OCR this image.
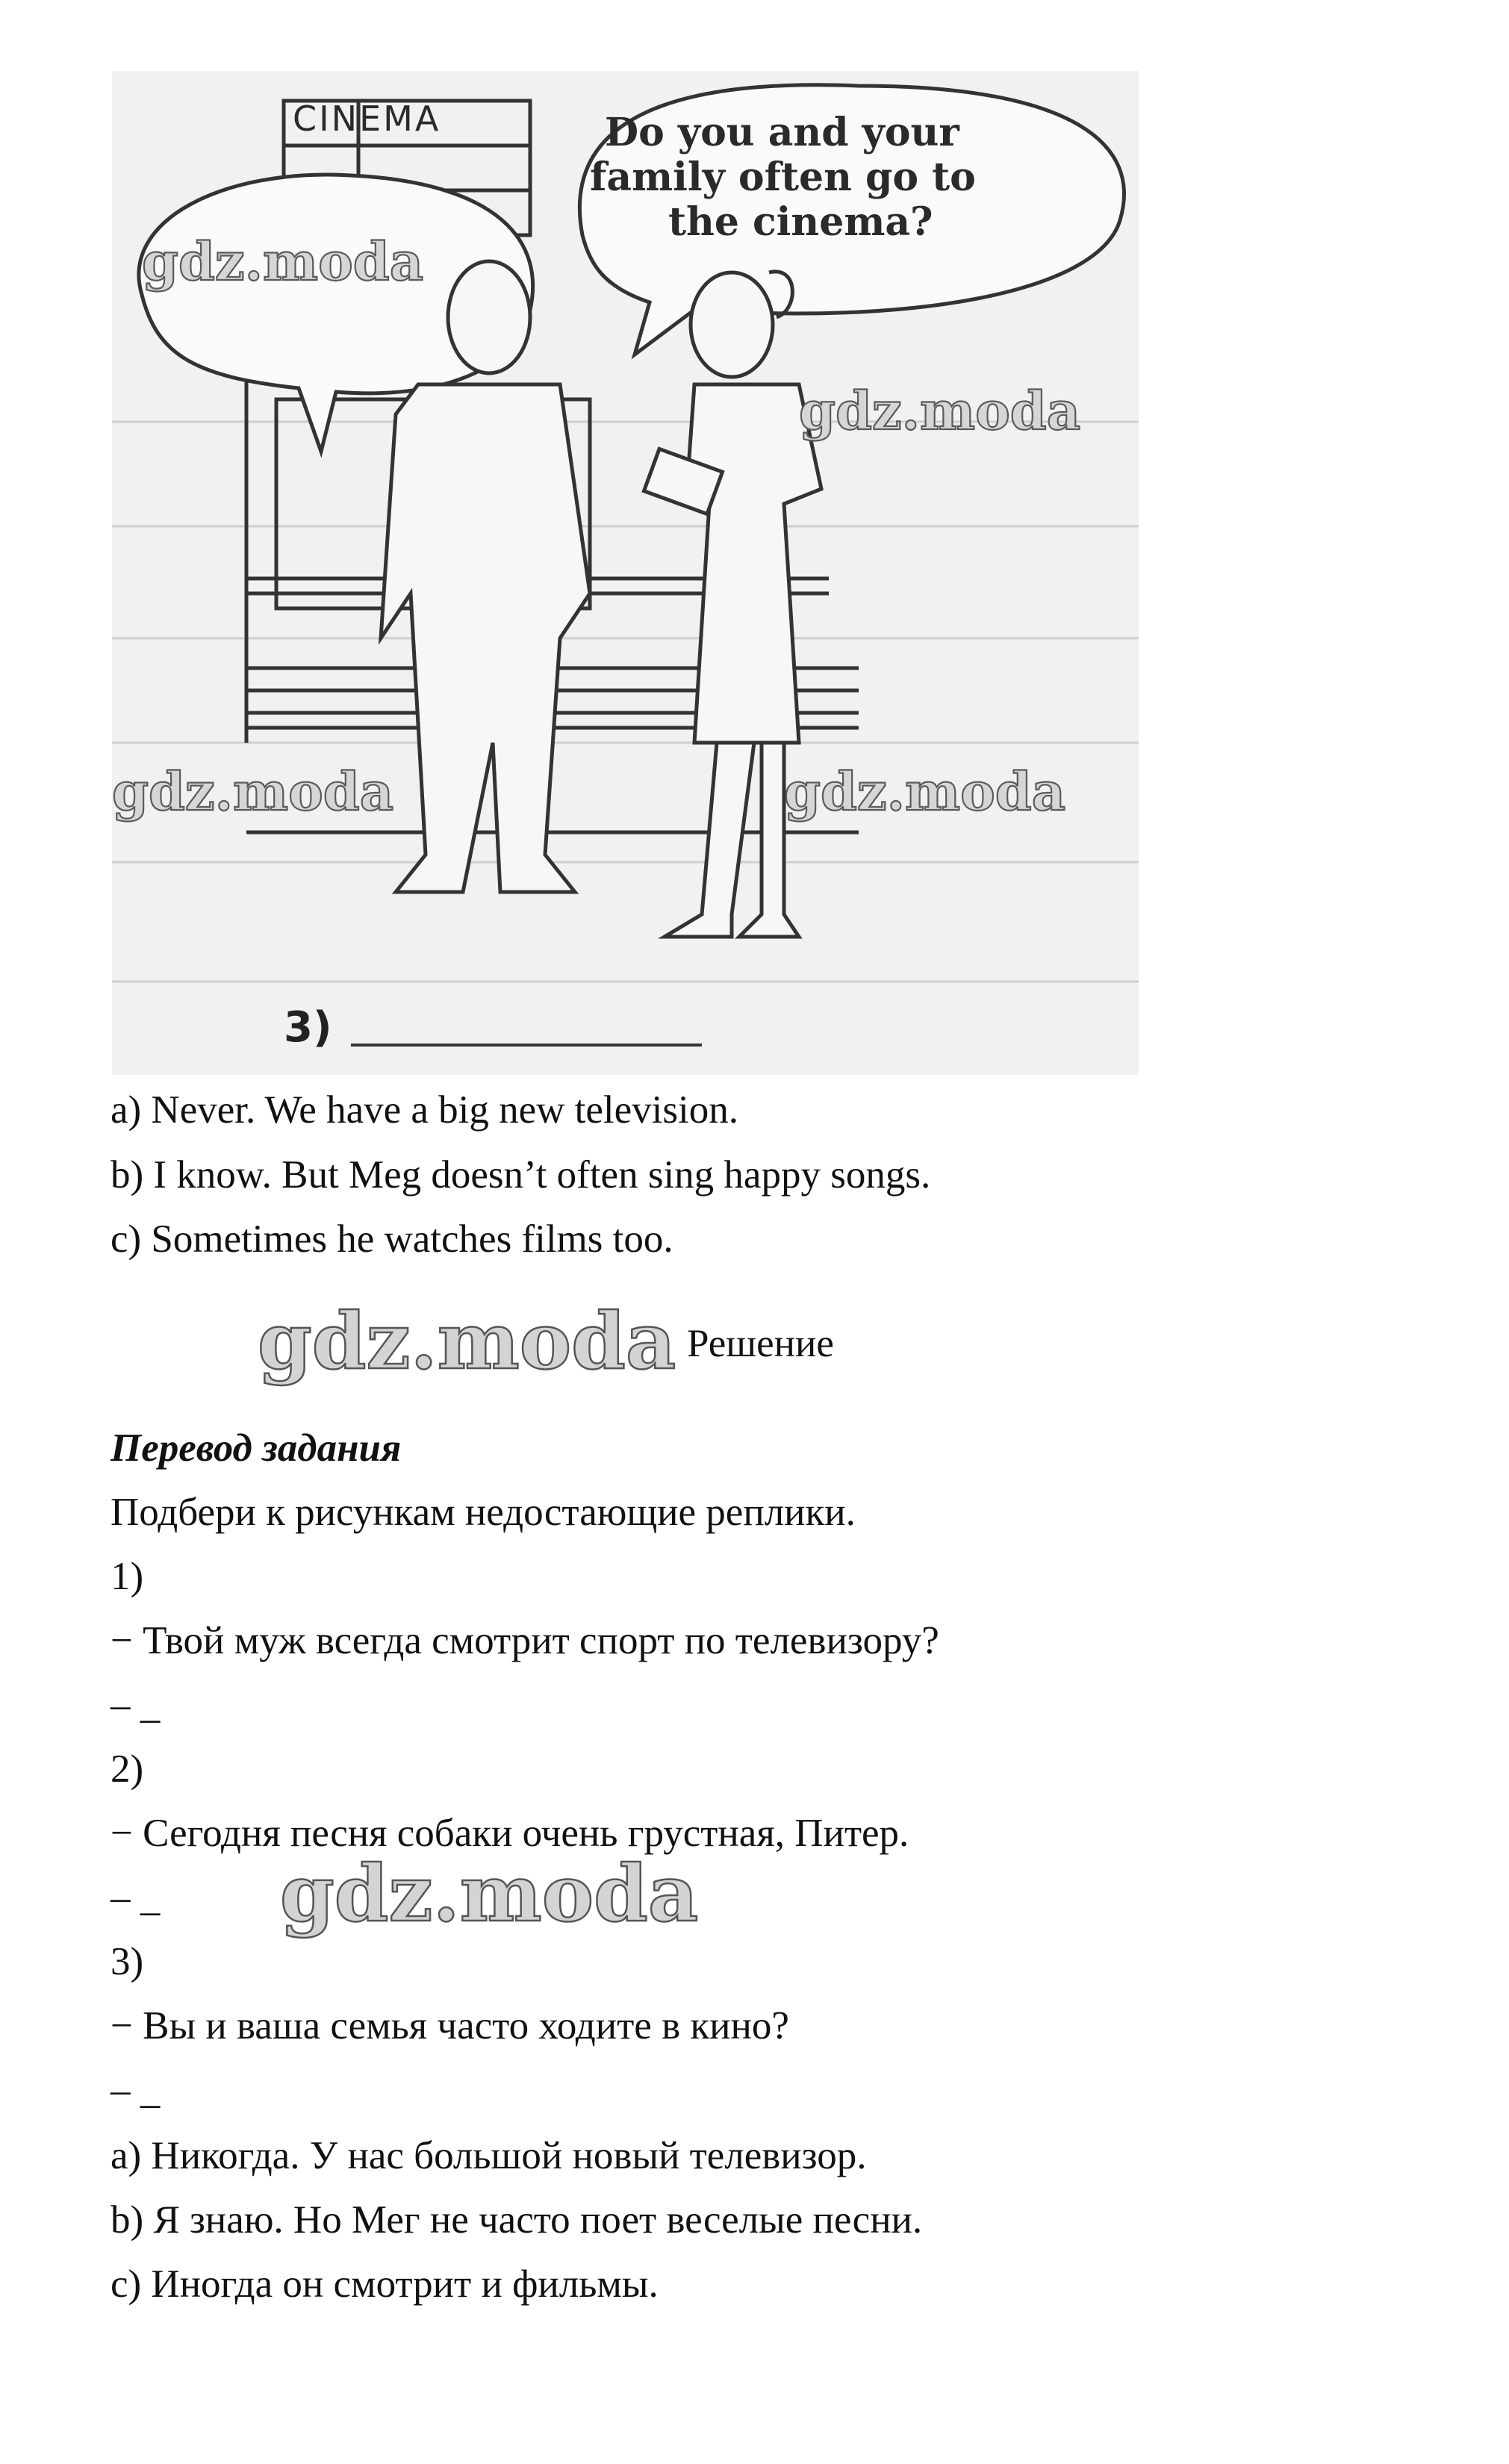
CINEMA	Do you and your
family often go to
the cinema?
3)
gdz.moda
gdz.moda
gdz.moda	gdz.moda
a) Never. We have a big new television.
b) I know. But Meg doesn’t often sing happy songs.
c) Sometimes he watches films too.
gdz.moda Решение
Перевод задания
Подбери к рисункам недостающие реплики.
1)
− Твой муж всегда смотрит спорт по телевизору?
– _
2)
− Сегодня песня собаки очень грустная, Питер.
– _ gdz.moda
3)
− Вы и ваша семья часто ходите в кино?
– _
a) Никогда. У нас большой новый телевизор.
b) Я знаю. Но Мег не часто поет веселые песни.
c) Иногда он смотрит и фильмы.
